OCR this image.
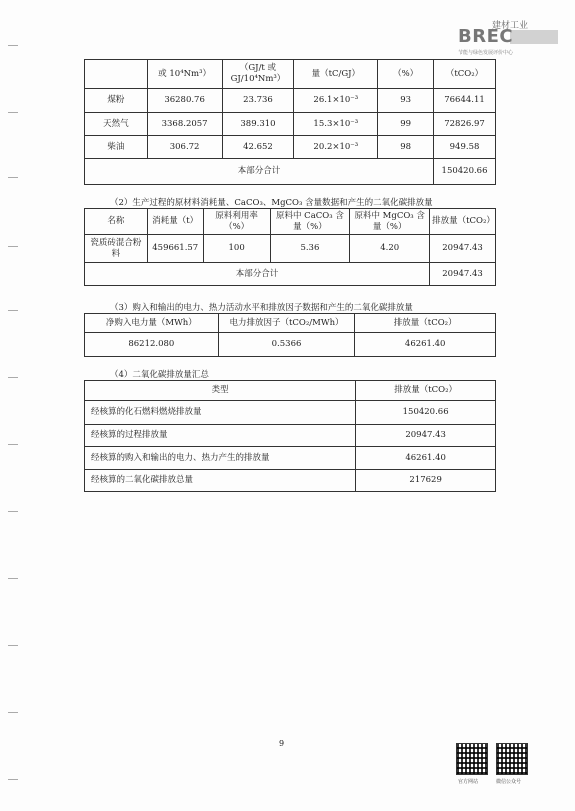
建材工业
BREC
节能与绿色发展评价中心
	或 10⁴Nm³）	（GJ/t 或 GJ/10⁴Nm³）	量（tC/GJ）	（%）	（tCO₂）
煤粉	36280.76	23.736	26.1×10⁻³	93	76644.11
天然气	3368.2057	389.310	15.3×10⁻³	99	72826.97
柴油	306.72	42.652	20.2×10⁻³	98	949.58
本部分合计					150420.66
（2）生产过程的原材料消耗量、CaCO₃、MgCO₃ 含量数据和产生的二氧化碳排放量
名称	消耗量（t）	原料利用率（%）	原料中 CaCO₃ 含量（%）	原料中 MgCO₃ 含量（%）	排放量（tCO₂）
瓷质砖混合粉料	459661.57	100	5.36	4.20	20947.43
本部分合计					20947.43
（3）购入和输出的电力、热力活动水平和排放因子数据和产生的二氧化碳排放量
净购入电力量（MWh）	电力排放因子（tCO₂/MWh）	排放量（tCO₂）
86212.080	0.5366	46261.40
（4）二氧化碳排放量汇总
类型	排放量（tCO₂）
经核算的化石燃料燃烧排放量	150420.66
经核算的过程排放量	20947.43
经核算的购入和输出的电力、热力产生的排放量	46261.40
经核算的二氧化碳排放总量	217629
9
官方网站	微信公众号
